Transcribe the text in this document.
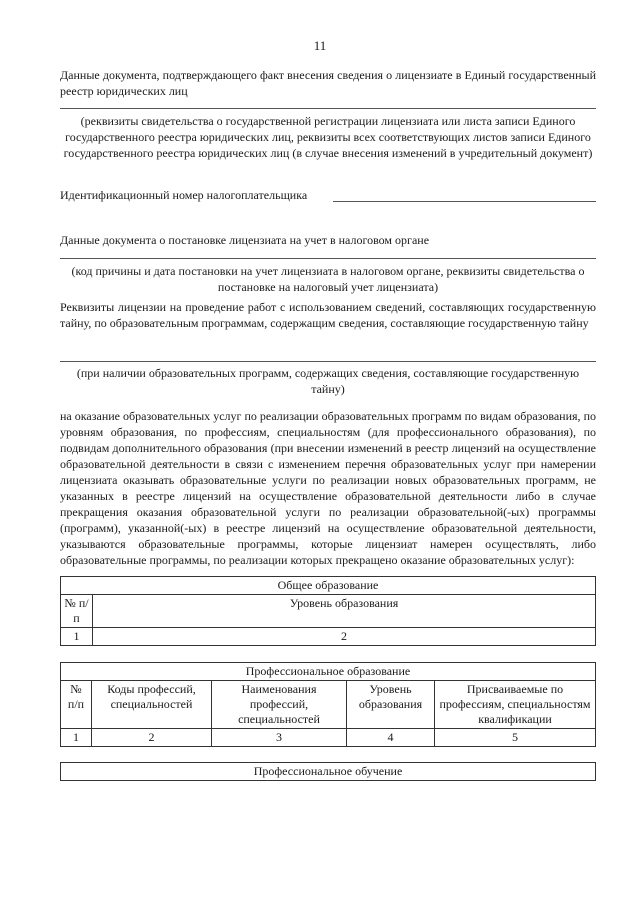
11
Данные документа, подтверждающего факт внесения сведения о лицензиате в Единый государственный реестр юридических лиц
(реквизиты свидетельства о государственной регистрации лицензиата или листа записи Единого государственного реестра юридических лиц, реквизиты всех соответствующих листов записи Единого государственного реестра юридических лиц (в случае внесения изменений в учредительный документ)
Идентификационный номер налогоплательщика
Данные документа о постановке лицензиата на учет в налоговом органе
(код причины и дата постановки на учет лицензиата в налоговом органе, реквизиты свидетельства о постановке на налоговый учет лицензиата)
Реквизиты лицензии на проведение работ с использованием сведений, составляющих государственную тайну, по образовательным программам, содержащим сведения, составляющие государственную тайну
(при наличии образовательных программ, содержащих сведения, составляющие государственную тайну)
на оказание образовательных услуг по реализации образовательных программ по видам образования, по уровням образования, по профессиям, специальностям (для профессионального образования), по подвидам дополнительного образования (при внесении изменений в реестр лицензий на осуществление образовательной деятельности в связи с изменением перечня образовательных услуг при намерении лицензиата оказывать образовательные услуги по реализации новых образовательных программ, не указанных в реестре лицензий на осуществление образовательной деятельности либо в случае прекращения оказания образовательной услуги по реализации образовательной(-ых) программы (программ), указанной(-ых) в реестре лицензий на осуществление образовательной деятельности, указываются образовательные программы, которые лицензиат намерен осуществлять, либо образовательные программы, по реализации которых прекращено оказание образовательных услуг):
Общее образование	
№ п/п	Уровень образования
1	2
Профессиональное образование				
№ п/п	Коды профессий, специальностей	Наименования профессий, специальностей	Уровень образования	Присваиваемые по профессиям, специальностям квалификации
1	2	3	4	5
Профессиональное обучение
